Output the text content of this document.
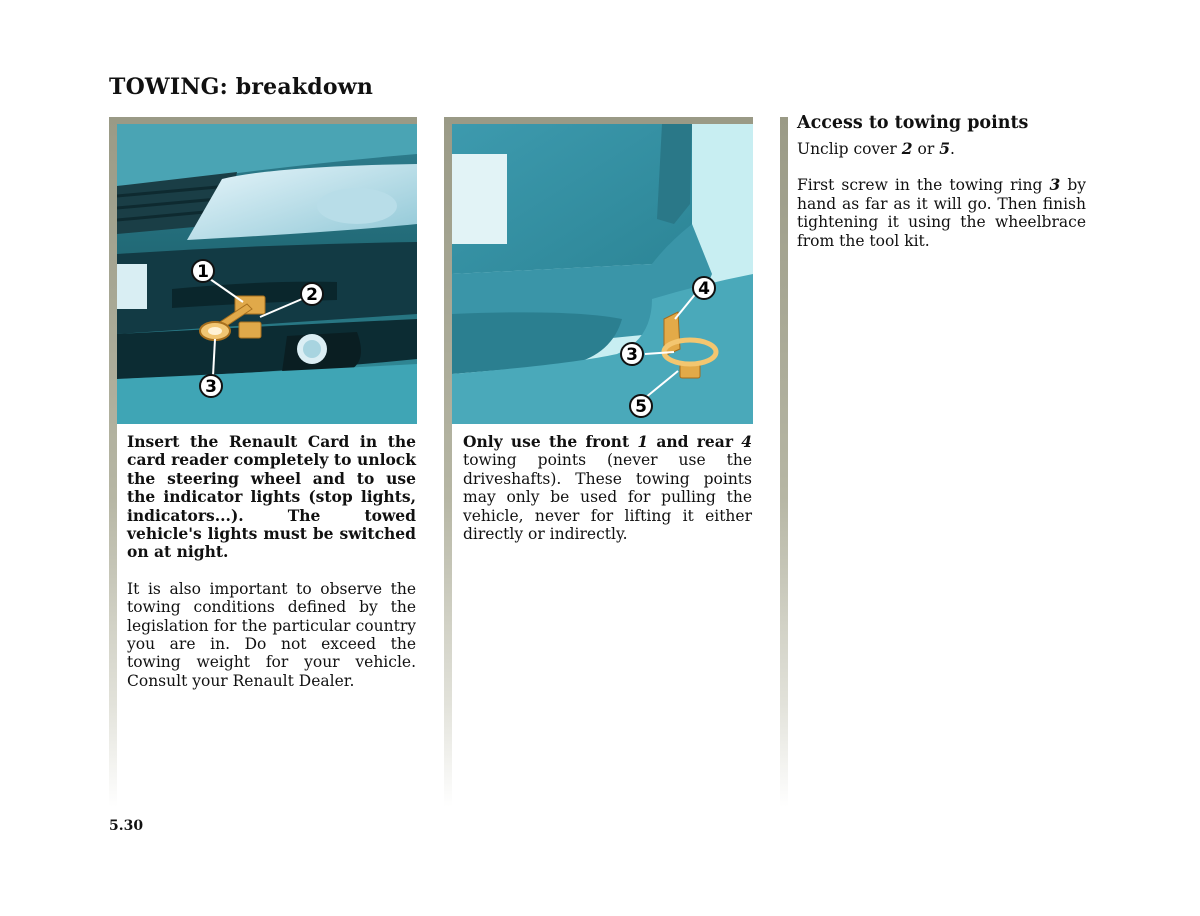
TOWING: breakdown
1
2
3
4
3
5

Insert the Renault Card in the card reader completely to unlock the steering wheel and to use the indicator lights (stop lights, indicators...). The towed vehicle's lights must be switched on at night.

It is also important to observe the towing conditions defined by the legislation for the particular country you are in. Do not exceed the towing weight for your vehicle. Consult your Renault Dealer.

Only use the front 1 and rear 4 towing points (never use the driveshafts). These towing points may only be used for pulling the vehicle, never for lifting it either directly or indirectly.

Access to towing points

Unclip cover 2 or 5.

First screw in the towing ring 3 by hand as far as it will go. Then finish tightening it using the wheelbrace from the tool kit.

5.30
